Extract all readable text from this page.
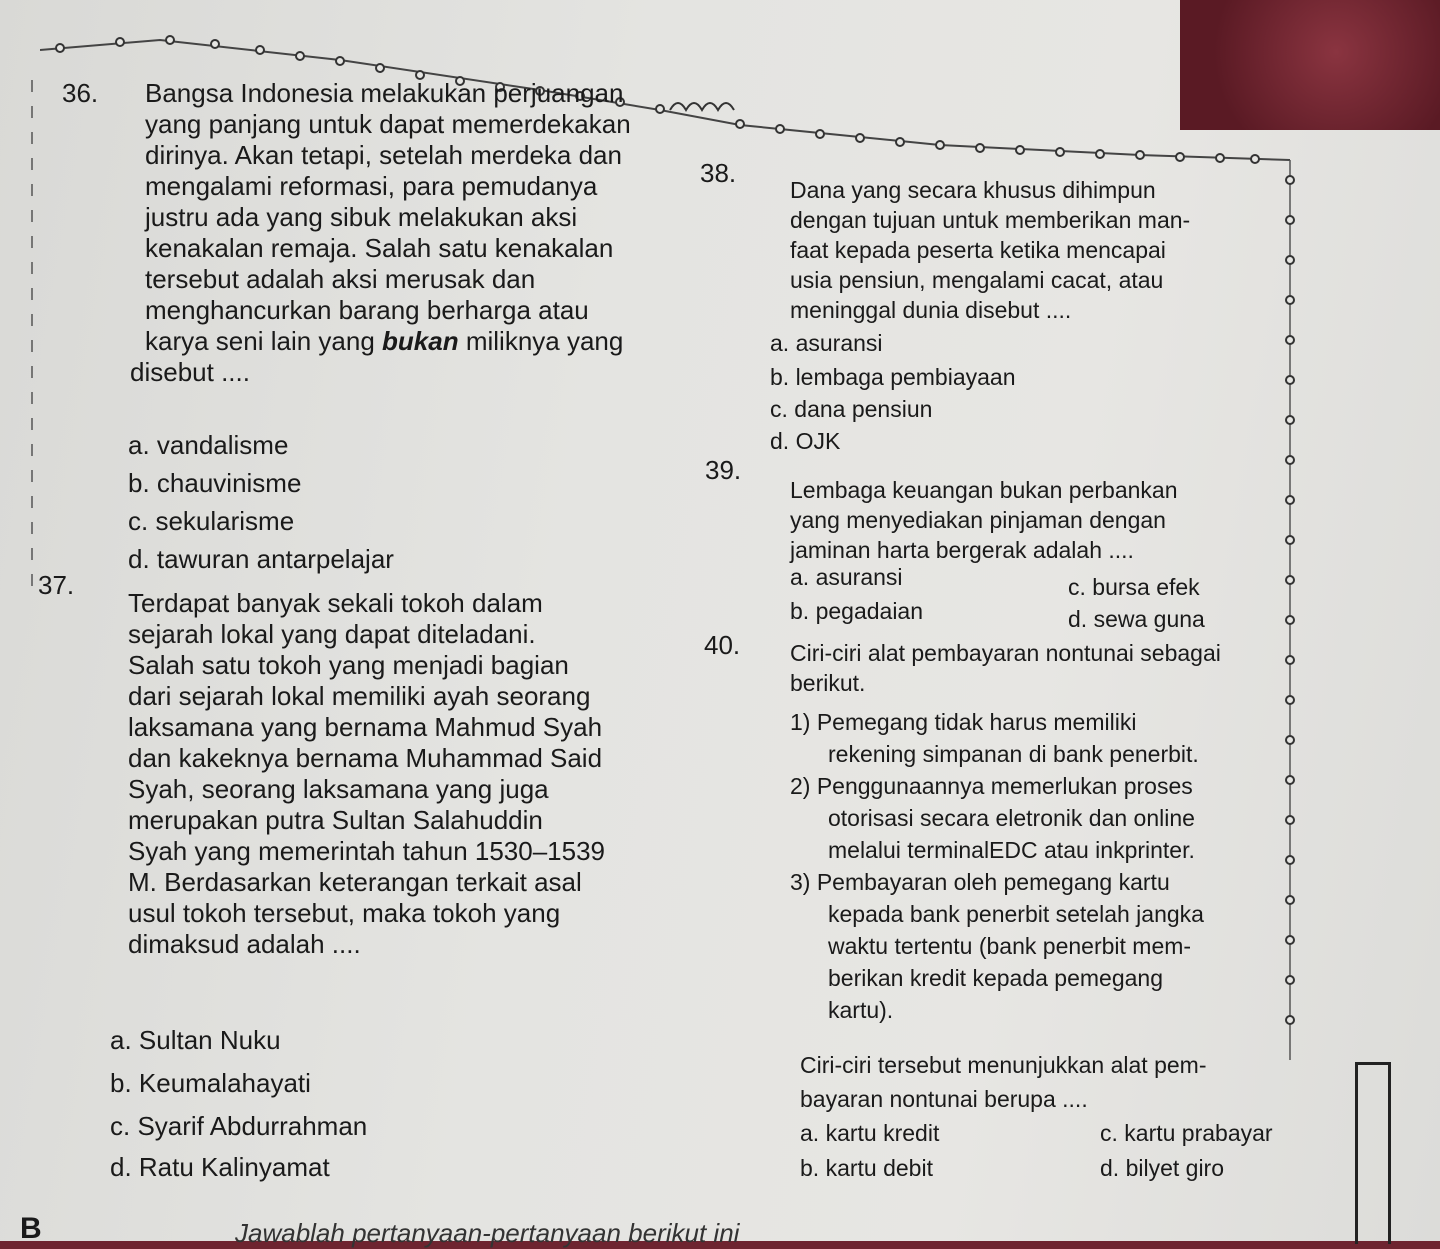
36. Bangsa Indonesia melakukan perjuangan
yang panjang untuk dapat memerdekakan
dirinya. Akan tetapi, setelah merdeka dan
mengalami reformasi, para pemudanya
justru ada yang sibuk melakukan aksi
kenakalan remaja. Salah satu kenakalan
tersebut adalah aksi merusak dan
menghancurkan barang berharga atau
karya seni lain yang bukan miliknya yang
disebut ....
a. vandalisme
b. chauvinisme
c. sekularisme
d. tawuran antarpelajar
37.
Terdapat banyak sekali tokoh dalam
sejarah lokal yang dapat diteladani.
Salah satu tokoh yang menjadi bagian
dari sejarah lokal memiliki ayah seorang
laksamana yang bernama Mahmud Syah
dan kakeknya bernama Muhammad Said
Syah, seorang laksamana yang juga
merupakan putra Sultan Salahuddin
Syah yang memerintah tahun 1530–1539
M. Berdasarkan keterangan terkait asal
usul tokoh tersebut, maka tokoh yang
dimaksud adalah ....
a. Sultan Nuku
b. Keumalahayati
c. Syarif Abdurrahman
d. Ratu Kalinyamat
38.
Dana yang secara khusus dihimpun
dengan tujuan untuk memberikan man-
faat kepada peserta ketika mencapai
usia pensiun, mengalami cacat, atau
meninggal dunia disebut ....
a. asuransi
b. lembaga pembiayaan
c. dana pensiun
d. OJK
39.
Lembaga keuangan bukan perbankan
yang menyediakan pinjaman dengan
jaminan harta bergerak adalah ....
a. asuransi
b. pegadaian
c. bursa efek
d. sewa guna
40. Ciri-ciri alat pembayaran nontunai sebagai
berikut.
1) Pemegang tidak harus memiliki
rekening simpanan di bank penerbit.
2) Penggunaannya memerlukan proses
otorisasi secara eletronik dan online
melalui terminalEDC atau inkprinter.
3) Pembayaran oleh pemegang kartu
kepada bank penerbit setelah jangka
waktu tertentu (bank penerbit mem-
berikan kredit kepada pemegang
kartu).
Ciri-ciri tersebut menunjukkan alat pem-
bayaran nontunai berupa ....
a. kartu kredit
b. kartu debit
c. kartu prabayar
d. bilyet giro
B	Jawablah pertanyaan-pertanyaan berikut ini
